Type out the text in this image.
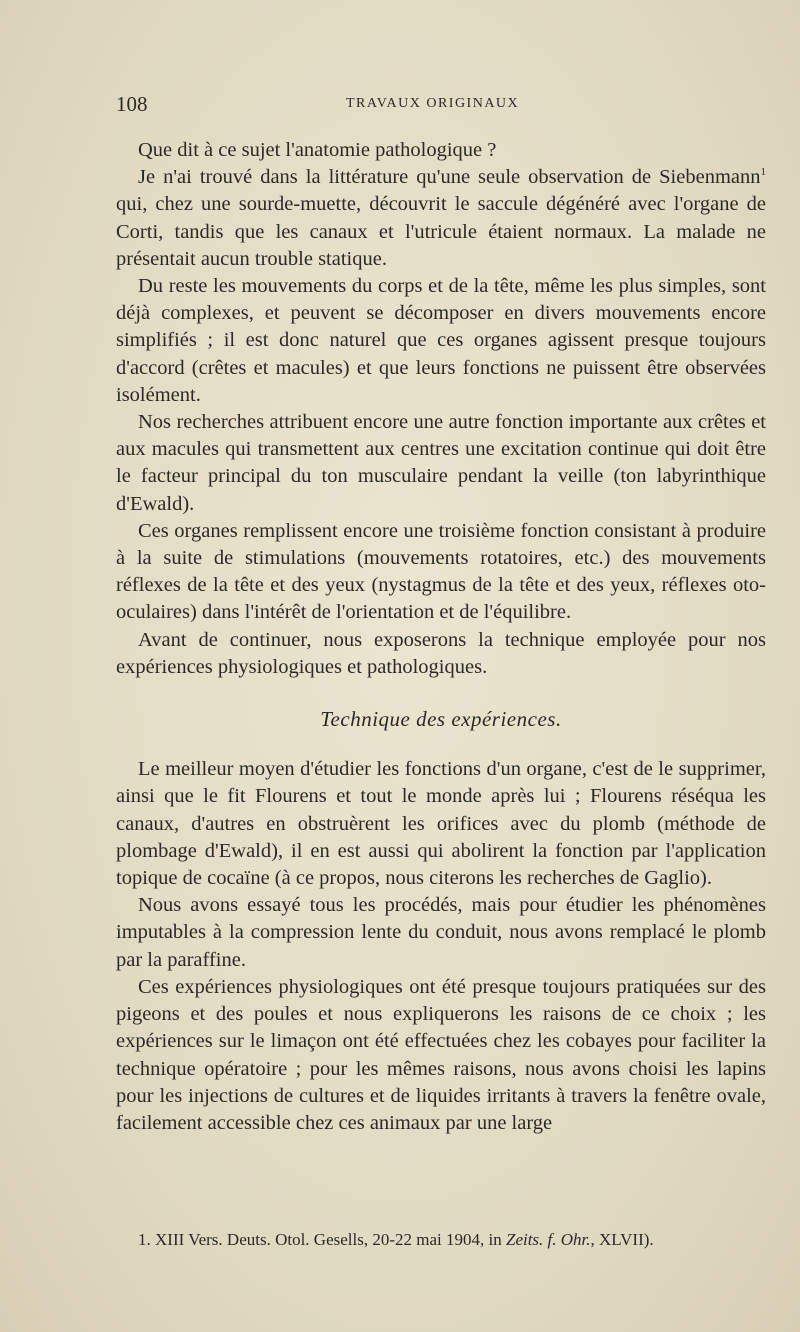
108	TRAVAUX ORIGINAUX

Que dit à ce sujet l'anatomie pathologique ?

Je n'ai trouvé dans la littérature qu'une seule observation de Siebenmann$^1$ qui, chez une sourde-muette, découvrit le saccule dégénéré avec l'organe de Corti, tandis que les canaux et l'utricule étaient normaux. La malade ne présentait aucun trouble statique.

Du reste les mouvements du corps et de la tête, même les plus simples, sont déjà complexes, et peuvent se décomposer en divers mouvements encore simplifiés ; il est donc naturel que ces organes agissent presque toujours d'accord (crêtes et macules) et que leurs fonctions ne puissent être observées isolément.

Nos recherches attribuent encore une autre fonction importante aux crêtes et aux macules qui transmettent aux centres une excitation continue qui doit être le facteur principal du ton musculaire pendant la veille (ton labyrinthique d'Ewald).

Ces organes remplissent encore une troisième fonction consistant à produire à la suite de stimulations (mouvements rotatoires, etc.) des mouvements réflexes de la tête et des yeux (nystagmus de la tête et des yeux, réflexes oto-oculaires) dans l'intérêt de l'orientation et de l'équilibre.

Avant de continuer, nous exposerons la technique employée pour nos expériences physiologiques et pathologiques.

Technique des expériences.

Le meilleur moyen d'étudier les fonctions d'un organe, c'est de le supprimer, ainsi que le fit Flourens et tout le monde après lui ; Flourens réséqua les canaux, d'autres en obstruèrent les orifices avec du plomb (méthode de plombage d'Ewald), il en est aussi qui abolirent la fonction par l'application topique de cocaïne (à ce propos, nous citerons les recherches de Gaglio).

Nous avons essayé tous les procédés, mais pour étudier les phénomènes imputables à la compression lente du conduit, nous avons remplacé le plomb par la paraffine.

Ces expériences physiologiques ont été presque toujours pratiquées sur des pigeons et des poules et nous expliquerons les raisons de ce choix ; les expériences sur le limaçon ont été effectuées chez les cobayes pour faciliter la technique opératoire ; pour les mêmes raisons, nous avons choisi les lapins pour les injections de cultures et de liquides irritants à travers la fenêtre ovale, facilement accessible chez ces animaux par une large

1. XIII Vers. Deuts. Otol. Gesells, 20-22 mai 1904, in Zeits. f. Ohr., XLVII).
